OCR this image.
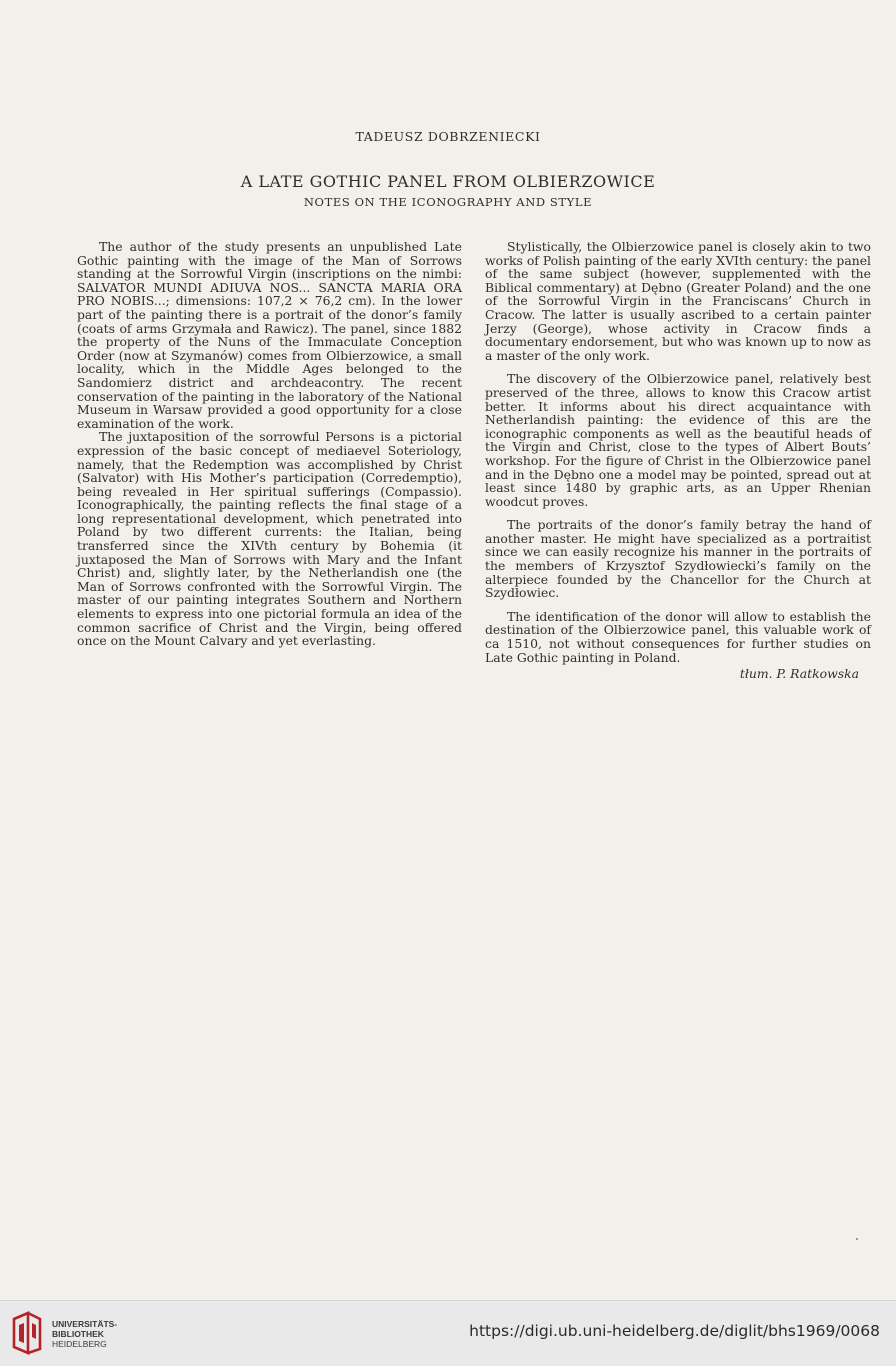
TADEUSZ DOBRZENIECKI
A LATE GOTHIC PANEL FROM OLBIERZOWICE
NOTES ON THE ICONOGRAPHY AND STYLE

The author of the study presents an unpublished Late Gothic painting with the image of the Man of Sorrows standing at the Sorrowful Virgin (inscriptions on the nimbi: SALVATOR MUNDI ADIUVA NOS... SANCTA MARIA ORA PRO NOBIS...; dimensions: 107,2 × 76,2 cm). In the lower part of the painting there is a portrait of the donor’s family (coats of arms Grzymała and Rawicz). The panel, since 1882 the property of the Nuns of the Immaculate Conception Order (now at Szymanów) comes from Olbierzowice, a small locality, which in the Middle Ages belonged to the Sandomierz district and archdeacontry. The recent conservation of the painting in the laboratory of the National Museum in Warsaw provided a good opportunity for a close examination of the work.

The juxtaposition of the sorrowful Persons is a pictorial expression of the basic concept of mediaevel Soteriology, namely, that the Redemption was accomplished by Christ (Salvator) with His Mother’s participation (Corredemptio), being revealed in Her spiritual sufferings (Compassio). Iconographically, the painting reflects the final stage of a long representational development, which penetrated into Poland by two different currents: the Italian, being transferred since the XIVth century by Bohemia (it juxtaposed the Man of Sorrows with Mary and the Infant Christ) and, slightly later, by the Netherlandish one (the Man of Sorrows confronted with the Sorrowful Virgin. The master of our painting integrates Southern and Northern elements to express into one pictorial formula an idea of the common sacrifice of Christ and the Virgin, being offered once on the Mount Calvary and yet everlasting.

Stylistically, the Olbierzowice panel is closely akin to two works of Polish painting of the early XVIth century: the panel of the same subject (however, supplemented with the Biblical commentary) at Dębno (Greater Poland) and the one of the Sorrowful Virgin in the Franciscans’ Church in Cracow. The latter is usually ascribed to a certain painter Jerzy (George), whose activity in Cracow finds a documentary endorsement, but who was known up to now as a master of the only work.

The discovery of the Olbierzowice panel, relatively best preserved of the three, allows to know this Cracow artist better. It informs about his direct acquaintance with Netherlandish painting: the evidence of this are the iconographic components as well as the beautiful heads of the Virgin and Christ, close to the types of Albert Bouts’ workshop. For the figure of Christ in the Olbierzowice panel and in the Dębno one a model may be pointed, spread out at least since 1480 by graphic arts, as an Upper Rhenian woodcut proves.

The portraits of the donor’s family betray the hand of another master. He might have specialized as a portraitist since we can easily recognize his manner in the portraits of the members of Krzysztof Szydłowiecki’s family on the alterpiece founded by the Chancellor for the Church at Szydłowiec.

The identification of the donor will allow to establish the destination of the Olbierzowice panel, this valuable work of ca 1510, not without consequences for further studies on Late Gothic painting in Poland.

tłum. P. Ratkowska
UNIVERSITÄTS-
BIBLIOTHEK
HEIDELBERG
https://digi.ub.uni-heidelberg.de/diglit/bhs1969/0068
